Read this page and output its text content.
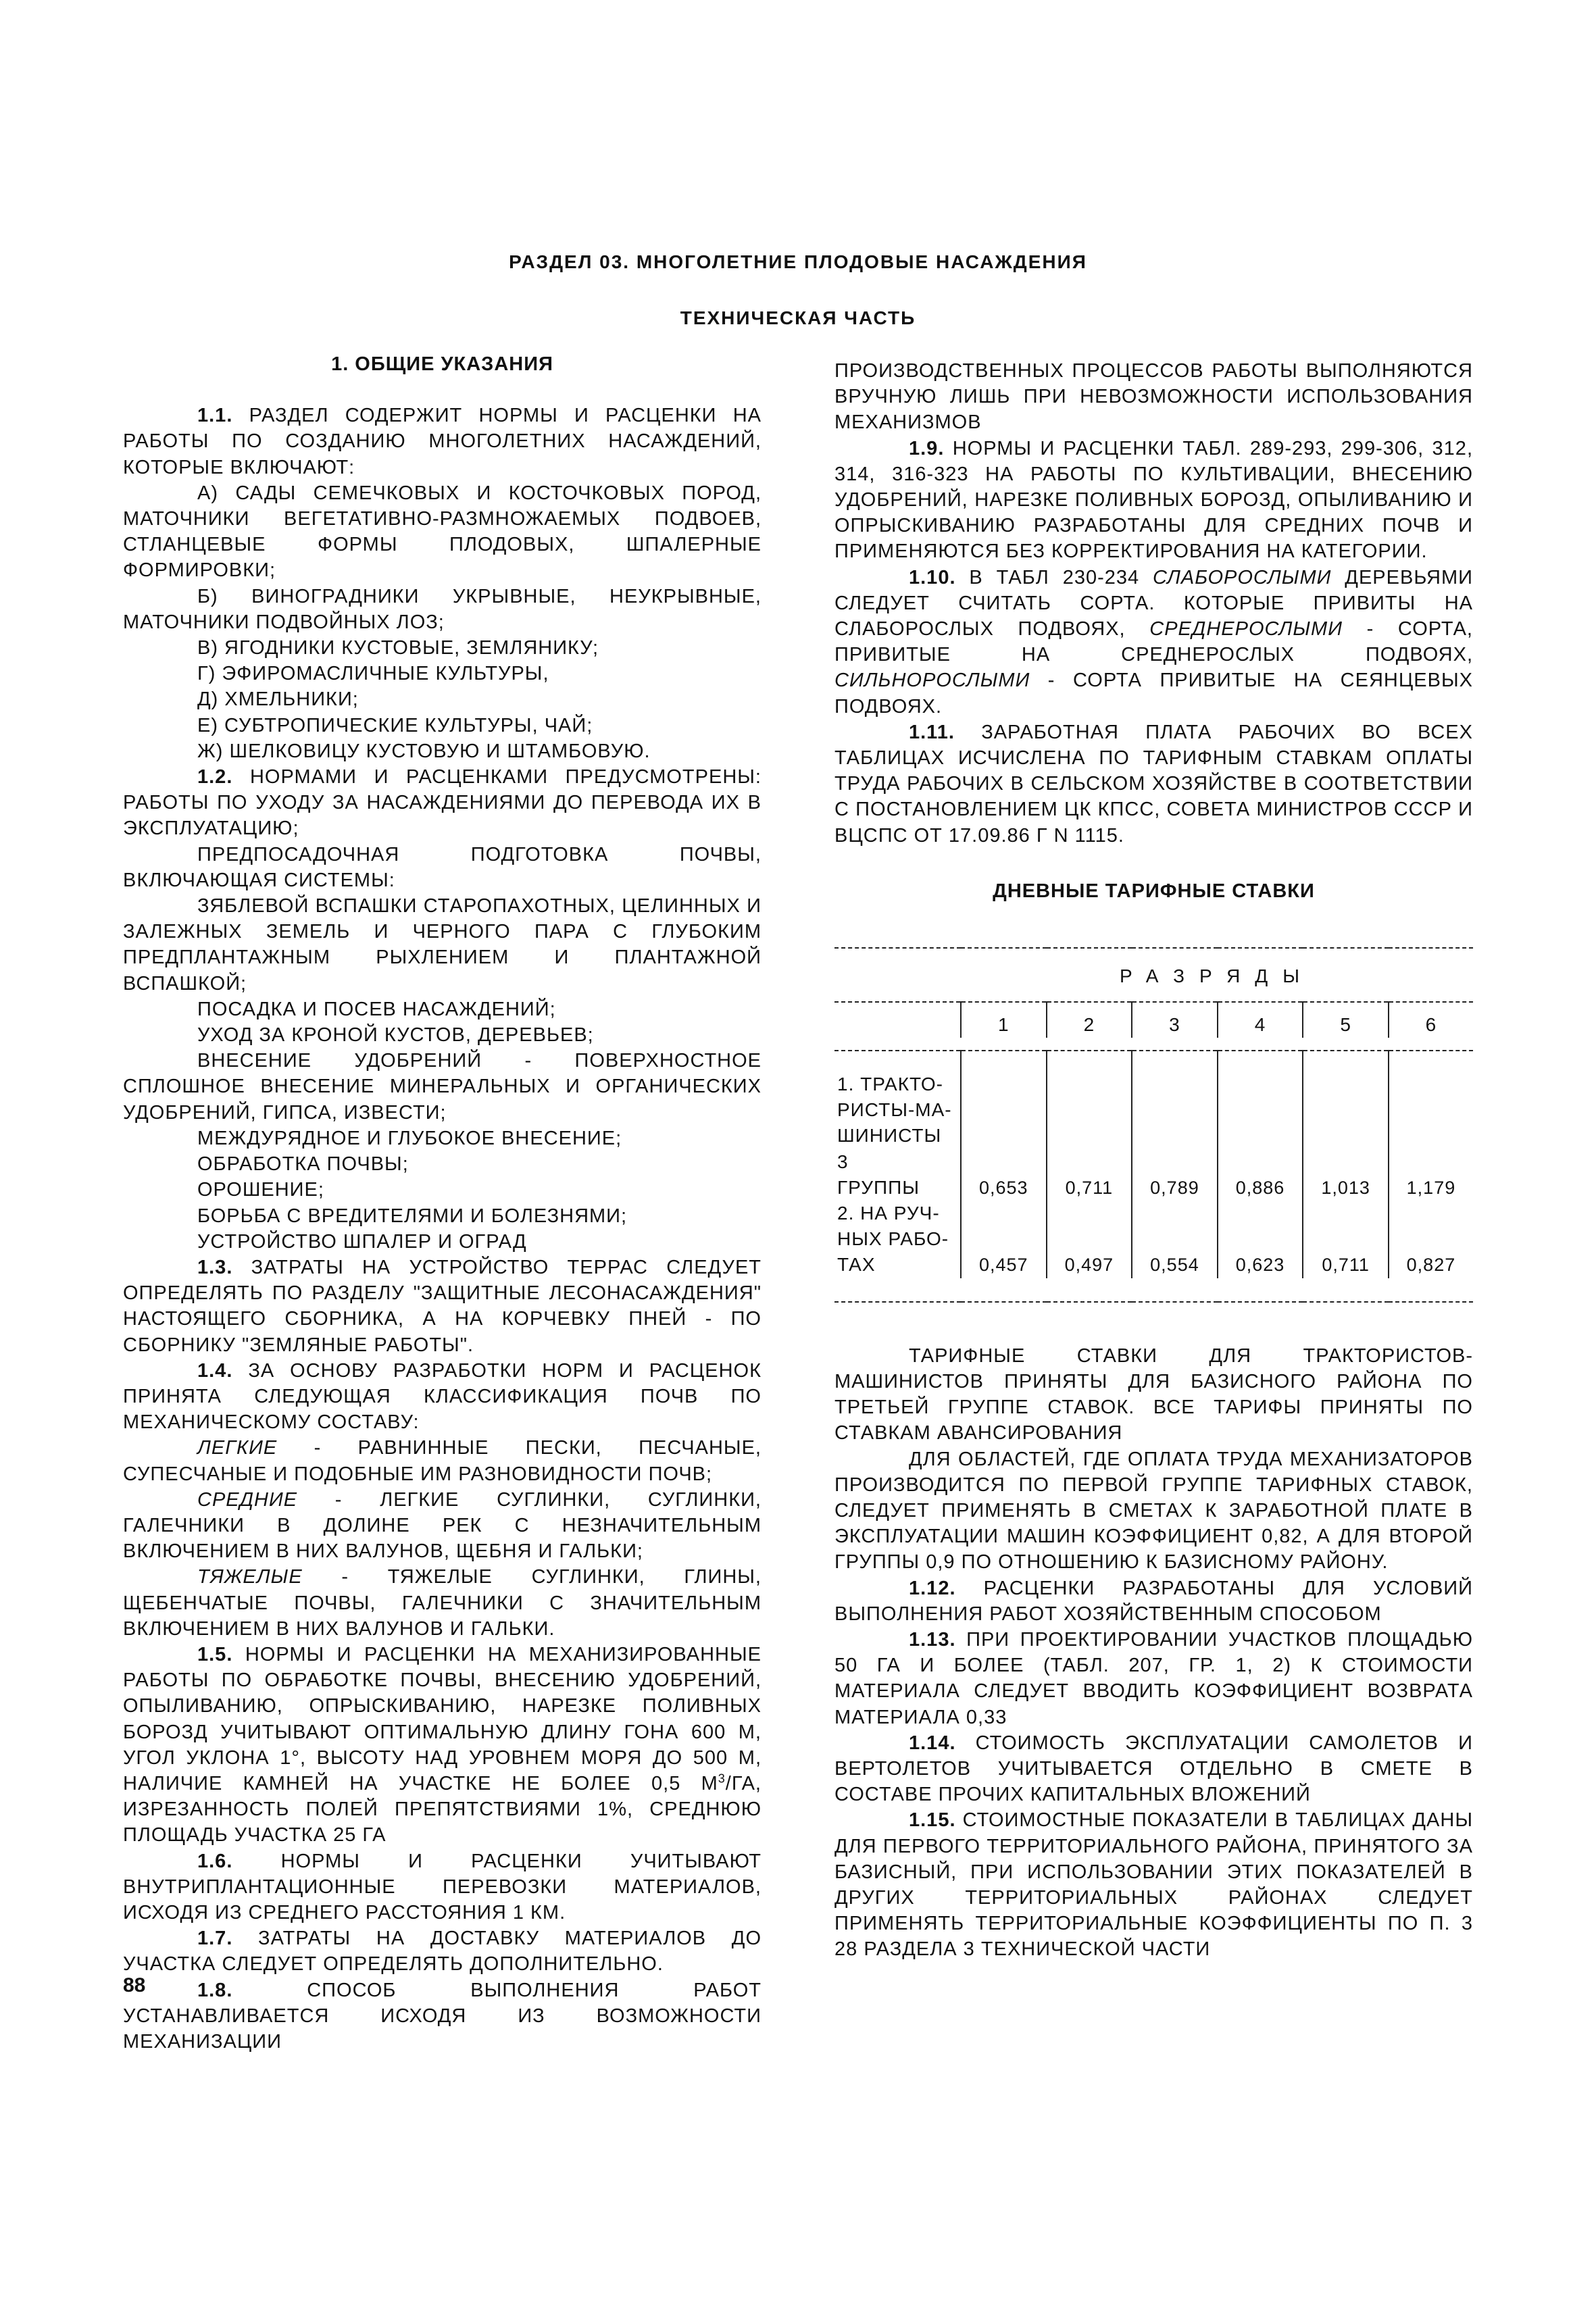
РАЗДЕЛ 03. МНОГОЛЕТНИЕ ПЛОДОВЫЕ НАСАЖДЕНИЯ
ТЕХНИЧЕСКАЯ ЧАСТЬ
1. ОБЩИЕ УКАЗАНИЯ

1.1. РАЗДЕЛ СОДЕРЖИТ НОРМЫ И РАСЦЕНКИ НА РАБОТЫ ПО СОЗДАНИЮ МНОГОЛЕТНИХ НАСАЖДЕНИЙ, КОТОРЫЕ ВКЛЮЧАЮТ:

А) САДЫ СЕМЕЧКОВЫХ И КОСТОЧКОВЫХ ПОРОД, МАТОЧНИКИ ВЕГЕТАТИВНО-РАЗМНОЖАЕМЫХ ПОДВОЕВ, СТЛАНЦЕВЫЕ ФОРМЫ ПЛОДОВЫХ, ШПАЛЕРНЫЕ ФОРМИРОВКИ;

Б) ВИНОГРАДНИКИ УКРЫВНЫЕ, НЕУКРЫВНЫЕ, МАТОЧНИКИ ПОДВОЙНЫХ ЛОЗ;

В) ЯГОДНИКИ КУСТОВЫЕ, ЗЕМЛЯНИКУ;

Г) ЭФИРОМАСЛИЧНЫЕ КУЛЬТУРЫ,

Д) ХМЕЛЬНИКИ;

Е) СУБТРОПИЧЕСКИЕ КУЛЬТУРЫ, ЧАЙ;

Ж) ШЕЛКОВИЦУ КУСТОВУЮ И ШТАМБОВУЮ.

1.2. НОРМАМИ И РАСЦЕНКАМИ ПРЕДУСМОТРЕНЫ: РАБОТЫ ПО УХОДУ ЗА НАСАЖДЕНИЯМИ ДО ПЕРЕВОДА ИХ В ЭКСПЛУАТАЦИЮ;

ПРЕДПОСАДОЧНАЯ ПОДГОТОВКА ПОЧВЫ, ВКЛЮЧАЮЩАЯ СИСТЕМЫ:

ЗЯБЛЕВОЙ ВСПАШКИ СТАРОПАХОТНЫХ, ЦЕЛИННЫХ И ЗАЛЕЖНЫХ ЗЕМЕЛЬ И ЧЕРНОГО ПАРА С ГЛУБОКИМ ПРЕДПЛАНТАЖНЫМ РЫХЛЕНИЕМ И ПЛАНТАЖНОЙ ВСПАШКОЙ;

ПОСАДКА И ПОСЕВ НАСАЖДЕНИЙ;

УХОД ЗА КРОНОЙ КУСТОВ, ДЕРЕВЬЕВ;

ВНЕСЕНИЕ УДОБРЕНИЙ - ПОВЕРХНОСТНОЕ СПЛОШНОЕ ВНЕСЕНИЕ МИНЕРАЛЬНЫХ И ОРГАНИЧЕСКИХ УДОБРЕНИЙ, ГИПСА, ИЗВЕСТИ;

МЕЖДУРЯДНОЕ И ГЛУБОКОЕ ВНЕСЕНИЕ;

ОБРАБОТКА ПОЧВЫ;

ОРОШЕНИЕ;

БОРЬБА С ВРЕДИТЕЛЯМИ И БОЛЕЗНЯМИ;

УСТРОЙСТВО ШПАЛЕР И ОГРАД

1.3. ЗАТРАТЫ НА УСТРОЙСТВО ТЕРРАС СЛЕДУЕТ ОПРЕДЕЛЯТЬ ПО РАЗДЕЛУ "ЗАЩИТНЫЕ ЛЕСОНАСАЖДЕНИЯ" НАСТОЯЩЕГО СБОРНИКА, А НА КОРЧЕВКУ ПНЕЙ - ПО СБОРНИКУ "ЗЕМЛЯНЫЕ РАБОТЫ".

1.4. ЗА ОСНОВУ РАЗРАБОТКИ НОРМ И РАСЦЕНОК ПРИНЯТА СЛЕДУЮЩАЯ КЛАССИФИКАЦИЯ ПОЧВ ПО МЕХАНИЧЕСКОМУ СОСТАВУ:

ЛЕГКИЕ - РАВНИННЫЕ ПЕСКИ, ПЕСЧАНЫЕ, СУПЕСЧАНЫЕ И ПОДОБНЫЕ ИМ РАЗНОВИДНОСТИ ПОЧВ;

СРЕДНИЕ - ЛЕГКИЕ СУГЛИНКИ, СУГЛИНКИ, ГАЛЕЧНИКИ В ДОЛИНЕ РЕК С НЕЗНАЧИТЕЛЬНЫМ ВКЛЮЧЕНИЕМ В НИХ ВАЛУНОВ, ЩЕБНЯ И ГАЛЬКИ;

ТЯЖЕЛЫЕ - ТЯЖЕЛЫЕ СУГЛИНКИ, ГЛИНЫ, ЩЕБЕНЧАТЫЕ ПОЧВЫ, ГАЛЕЧНИКИ С ЗНАЧИТЕЛЬНЫМ ВКЛЮЧЕНИЕМ В НИХ ВАЛУНОВ И ГАЛЬКИ.

1.5. НОРМЫ И РАСЦЕНКИ НА МЕХАНИЗИРОВАННЫЕ РАБОТЫ ПО ОБРАБОТКЕ ПОЧВЫ, ВНЕСЕНИЮ УДОБРЕНИЙ, ОПЫЛИВАНИЮ, ОПРЫСКИВАНИЮ, НАРЕЗКЕ ПОЛИВНЫХ БОРОЗД УЧИТЫВАЮТ ОПТИМАЛЬНУЮ ДЛИНУ ГОНА 600 М, УГОЛ УКЛОНА 1°, ВЫСОТУ НАД УРОВНЕМ МОРЯ ДО 500 М, НАЛИЧИЕ КАМНЕЙ НА УЧАСТКЕ НЕ БОЛЕЕ 0,5 $М^3/ГА$, ИЗРЕЗАННОСТЬ ПОЛЕЙ ПРЕПЯТСТВИЯМИ 1%, СРЕДНЮЮ ПЛОЩАДЬ УЧАСТКА 25 ГА

1.6. НОРМЫ И РАСЦЕНКИ УЧИТЫВАЮТ ВНУТРИПЛАНТАЦИОННЫЕ ПЕРЕВОЗКИ МАТЕРИАЛОВ, ИСХОДЯ ИЗ СРЕДНЕГО РАССТОЯНИЯ 1 КМ.

1.7. ЗАТРАТЫ НА ДОСТАВКУ МАТЕРИАЛОВ ДО УЧАСТКА СЛЕДУЕТ ОПРЕДЕЛЯТЬ ДОПОЛНИТЕЛЬНО.

1.8.	СПОСОБ ВЫПОЛНЕНИЯ РАБОТ УСТАНАВЛИВАЕТСЯ ИСХОДЯ ИЗ ВОЗМОЖНОСТИ МЕХАНИЗАЦИИ

ПРОИЗВОДСТВЕННЫХ ПРОЦЕССОВ РАБОТЫ ВЫПОЛНЯЮТСЯ ВРУЧНУЮ ЛИШЬ ПРИ НЕВОЗМОЖНОСТИ ИСПОЛЬЗОВАНИЯ МЕХАНИЗМОВ

1.9. НОРМЫ И РАСЦЕНКИ ТАБЛ. 289-293, 299-306, 312, 314, 316-323 НА РАБОТЫ ПО КУЛЬТИВАЦИИ, ВНЕСЕНИЮ УДОБРЕНИЙ, НАРЕЗКЕ ПОЛИВНЫХ БОРОЗД, ОПЫЛИВАНИЮ И ОПРЫСКИВАНИЮ РАЗРАБОТАНЫ ДЛЯ СРЕДНИХ ПОЧВ И ПРИМЕНЯЮТСЯ БЕЗ КОРРЕКТИРОВАНИЯ НА КАТЕГОРИИ.

1.10. В ТАБЛ 230-234 СЛАБОРОСЛЫМИ ДЕРЕВЬЯМИ СЛЕДУЕТ СЧИТАТЬ СОРТА. КОТОРЫЕ ПРИВИТЫ НА СЛАБОРОСЛЫХ ПОДВОЯХ, СРЕДНЕРОСЛЫМИ - СОРТА, ПРИВИТЫЕ НА СРЕДНЕРОСЛЫХ ПОДВОЯХ, СИЛЬНОРОСЛЫМИ - СОРТА ПРИВИТЫЕ НА СЕЯНЦЕВЫХ ПОДВОЯХ.

1.11. ЗАРАБОТНАЯ ПЛАТА РАБОЧИХ ВО ВСЕХ ТАБЛИЦАХ ИСЧИСЛЕНА ПО ТАРИФНЫМ СТАВКАМ ОПЛАТЫ ТРУДА РАБОЧИХ В СЕЛЬСКОМ ХОЗЯЙСТВЕ В СООТВЕТСТВИИ С ПОСТАНОВЛЕНИЕМ ЦК КПСС, СОВЕТА МИНИСТРОВ СССР И ВЦСПС ОТ 17.09.86 Г N 1115.

ДНЕВНЫЕ ТАРИФНЫЕ СТАВКИ

	РАЗРЯДЫ					

	1	2	3	4	5	6

1. ТРАКТО-
РИСТЫ-МА-
ШИНИСТЫ 3
ГРУППЫ	0,653	0,711	0,789	0,886	1,013	1,179

2. НА РУЧ-
НЫХ РАБО-
ТАХ	0,457	0,497	0,554	0,623	0,711	0,827

ТАРИФНЫЕ СТАВКИ ДЛЯ ТРАКТОРИСТОВ-МАШИНИСТОВ ПРИНЯТЫ ДЛЯ БАЗИСНОГО РАЙОНА ПО ТРЕТЬЕЙ ГРУППЕ СТАВОК. ВСЕ ТАРИФЫ ПРИНЯТЫ ПО СТАВКАМ АВАНСИРОВАНИЯ

ДЛЯ ОБЛАСТЕЙ, ГДЕ ОПЛАТА ТРУДА МЕХАНИЗАТОРОВ ПРОИЗВОДИТСЯ ПО ПЕРВОЙ ГРУППЕ ТАРИФНЫХ СТАВОК, СЛЕДУЕТ ПРИМЕНЯТЬ В СМЕТАХ К ЗАРАБОТНОЙ ПЛАТЕ В ЭКСПЛУАТАЦИИ МАШИН КОЭФФИЦИЕНТ 0,82, А ДЛЯ ВТОРОЙ ГРУППЫ 0,9 ПО ОТНОШЕНИЮ К БАЗИСНОМУ РАЙОНУ.

1.12. РАСЦЕНКИ РАЗРАБОТАНЫ ДЛЯ УСЛОВИЙ ВЫПОЛНЕНИЯ РАБОТ ХОЗЯЙСТВЕННЫМ СПОСОБОМ

1.13. ПРИ ПРОЕКТИРОВАНИИ УЧАСТКОВ ПЛОЩАДЬЮ 50 ГА И БОЛЕЕ (ТАБЛ. 207, ГР. 1, 2) К СТОИМОСТИ МАТЕРИАЛА СЛЕДУЕТ ВВОДИТЬ КОЭФФИЦИЕНТ ВОЗВРАТА МАТЕРИАЛА 0,33

1.14. СТОИМОСТЬ ЭКСПЛУАТАЦИИ САМОЛЕТОВ И ВЕРТОЛЕТОВ УЧИТЫВАЕТСЯ ОТДЕЛЬНО В СМЕТЕ В СОСТАВЕ ПРОЧИХ КАПИТАЛЬНЫХ ВЛОЖЕНИЙ

1.15. СТОИМОСТНЫЕ ПОКАЗАТЕЛИ В ТАБЛИЦАХ ДАНЫ ДЛЯ ПЕРВОГО ТЕРРИТОРИАЛЬНОГО РАЙОНА, ПРИНЯТОГО ЗА БАЗИСНЫЙ, ПРИ ИСПОЛЬЗОВАНИИ ЭТИХ ПОКАЗАТЕЛЕЙ В ДРУГИХ ТЕРРИТОРИАЛЬНЫХ РАЙОНАХ СЛЕДУЕТ ПРИМЕНЯТЬ ТЕРРИТОРИАЛЬНЫЕ КОЭФФИЦИЕНТЫ ПО П. 3 28 РАЗДЕЛА 3 ТЕХНИЧЕСКОЙ ЧАСТИ

88
